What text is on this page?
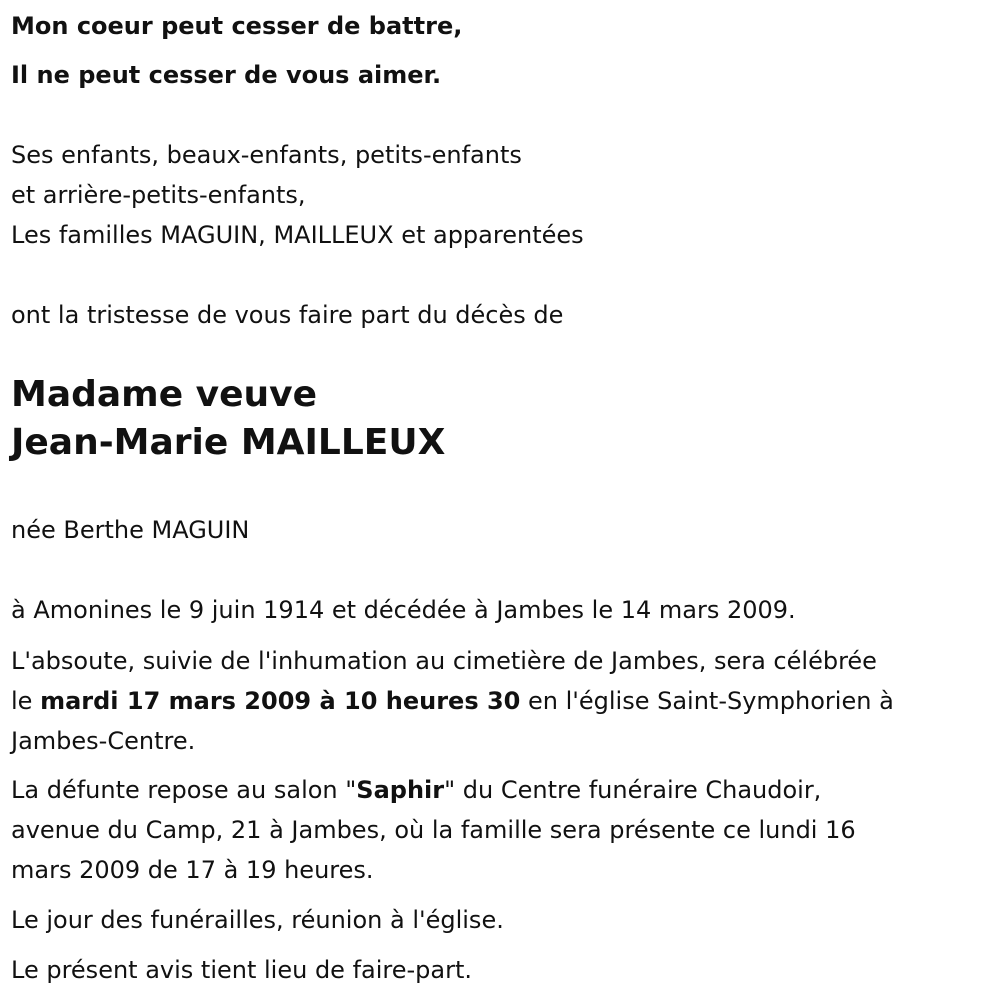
Mon coeur peut cesser de battre,
Il ne peut cesser de vous aimer.
Ses enfants, beaux-enfants, petits-enfants
et arrière-petits-enfants,
Les familles MAGUIN, MAILLEUX et apparentées
ont la tristesse de vous faire part du décès de
Madame veuve
Jean-Marie MAILLEUX
née Berthe MAGUIN
à Amonines le 9 juin 1914 et décédée à Jambes le 14 mars 2009.
L'absoute, suivie de l'inhumation au cimetière de Jambes, sera célébrée
le mardi 17 mars 2009 à 10 heures 30 en l'église Saint-Symphorien à
Jambes-Centre.
La défunte repose au salon "Saphir" du Centre funéraire Chaudoir,
avenue du Camp, 21 à Jambes, où la famille sera présente ce lundi 16
mars 2009 de 17 à 19 heures.
Le jour des funérailles, réunion à l'église.
Le présent avis tient lieu de faire-part.
